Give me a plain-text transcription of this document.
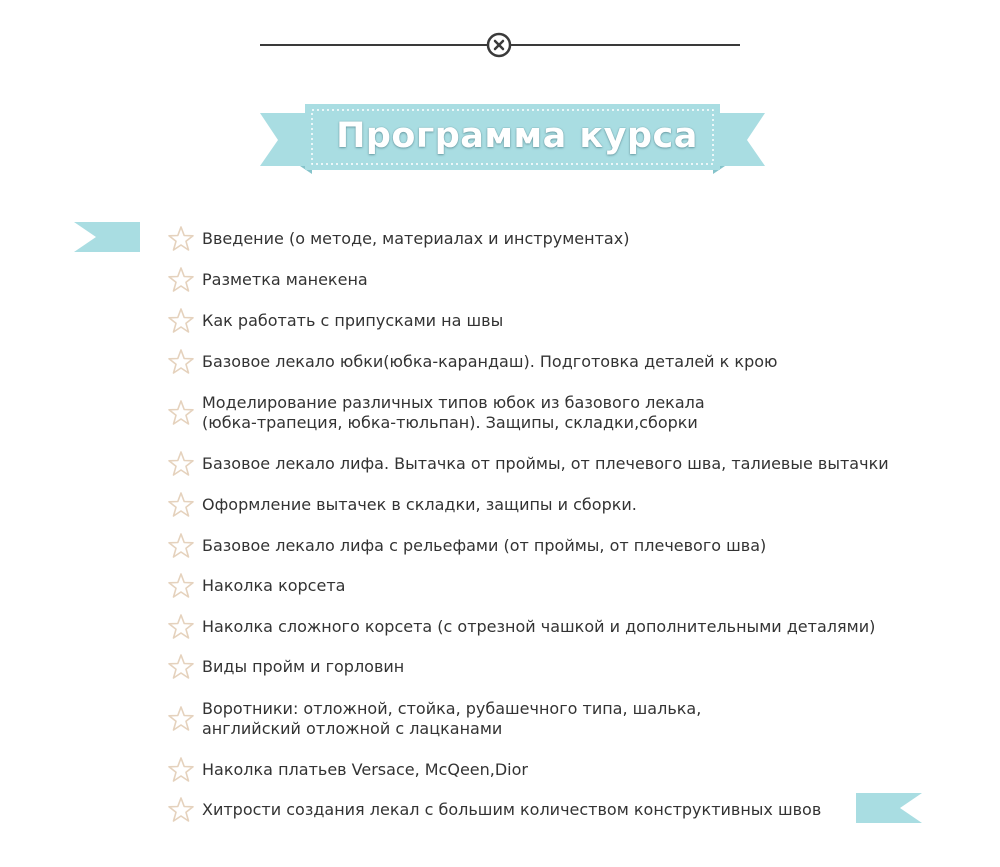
Программа курса
Введение (о методе, материалах и инструментах)
Разметка манекена
Как работать с припусками на швы
Базовое лекало юбки(юбка-карандаш). Подготовка деталей к крою
Моделирование различных типов юбок из базового лекала
(юбка-трапеция, юбка-тюльпан). Защипы, складки,сборки
Базовое лекало лифа. Вытачка от проймы, от плечевого шва, талиевые вытачки
Оформление вытачек в складки, защипы и сборки.
Базовое лекало лифа с рельефами (от проймы, от плечевого шва)
Наколка корсета
Наколка сложного корсета (с отрезной чашкой и дополнительными деталями)
Виды пройм и горловин
Воротники: отложной, стойка, рубашечного типа, шалька,
английский отложной с лацканами
Наколка платьев Versace, McQeen,Dior
Хитрости создания лекал с большим количеством конструктивных швов
